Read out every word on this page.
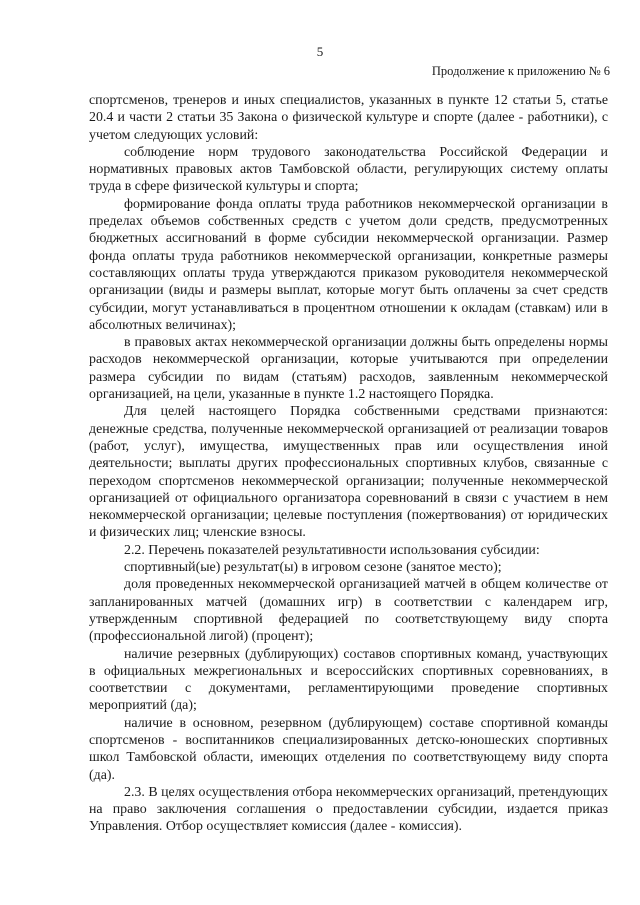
5
Продолжение к приложению № 6

спортсменов, тренеров и иных специалистов, указанных в пункте 12 статьи 5, статье 20.4 и части 2 статьи 35 Закона о физической культуре и спорте (далее - работники), с учетом следующих условий:

соблюдение норм трудового законодательства Российской Федерации и нормативных правовых актов Тамбовской области, регулирующих систему оплаты труда в сфере физической культуры и спорта;

формирование фонда оплаты труда работников некоммерческой организации в пределах объемов собственных средств с учетом доли средств, предусмотренных бюджетных ассигнований в форме субсидии некоммерческой организации. Размер фонда оплаты труда работников некоммерческой организации, конкретные размеры составляющих оплаты труда утверждаются приказом руководителя некоммерческой организации (виды и размеры выплат, которые могут быть оплачены за счет средств субсидии, могут устанавливаться в процентном отношении к окладам (ставкам) или в абсолютных величинах);

в правовых актах некоммерческой организации должны быть определены нормы расходов некоммерческой организации, которые учитываются при определении размера субсидии по видам (статьям) расходов, заявленным некоммерческой организацией, на цели, указанные в пункте 1.2 настоящего Порядка.

Для целей настоящего Порядка собственными средствами признаются: денежные средства, полученные некоммерческой организацией от реализации товаров (работ, услуг), имущества, имущественных прав или осуществления иной деятельности; выплаты других профессиональных спортивных клубов, связанные с переходом спортсменов некоммерческой организации; полученные некоммерческой организацией от официального организатора соревнований в связи с участием в нем некоммерческой организации; целевые поступления (пожертвования) от юридических и физических лиц; членские взносы.

2.2. Перечень показателей результативности использования субсидии:

спортивный(ые) результат(ы) в игровом сезоне (занятое место);

доля проведенных некоммерческой организацией матчей в общем количестве от запланированных матчей (домашних игр) в соответствии с календарем игр, утвержденным спортивной федерацией по соответствующему виду спорта (профессиональной лигой) (процент);

наличие резервных (дублирующих) составов спортивных команд, участвующих в официальных межрегиональных и всероссийских спортивных соревнованиях, в соответствии с документами, регламентирующими проведение спортивных мероприятий (да);

наличие в основном, резервном (дублирующем) составе спортивной команды спортсменов - воспитанников специализированных детско-юношеских спортивных школ Тамбовской области, имеющих отделения по соответствующему виду спорта (да).

2.3. В целях осуществления отбора некоммерческих организаций, претендующих на право заключения соглашения о предоставлении субсидии, издается приказ Управления. Отбор осуществляет комиссия (далее - комиссия).
